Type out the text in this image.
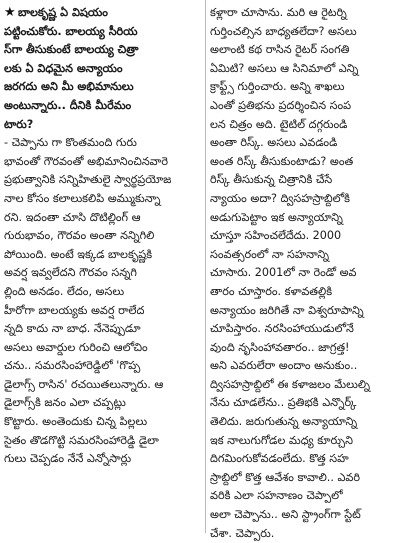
★ బాలకృష్ణ ఏ విషయం
పట్టించుకోరు. బాలయ్య సీరియ
స్‌గా తీసుకుంటే బాలయ్య చిత్రా
లకు ఏ విధమైన అన్యాయం
జరగదు అని మీ అభిమానులు
అంటున్నారు.. దీనికి మీరేమం
టారు?
- చెప్పాను గా కొంతమంది గురు
భావంతో గౌరవంతో అభిమానించినవారె
ప్రభుత్వానికి సన్నిహితులై స్వార్థప్రయోజ
నాల కోసం కలాలుకలిపి అమ్ముకున్నా
రని. ఇదంతా చూసి దొటిల్లింగ్ ఆ
గురుభావం, గౌరవం అంతా నన్నిగిలి
పోయింది. అంటే ఇక్కడ బాలకృష్ణకి
అవర్ష ఇవ్వలేదని గౌరవం సన్నగి
ల్లింది అనడం. లేదం, అసలు
హీరోగా బాలయ్యకు అవర్ష రాలేద
న్నది కాదు నా బాధ. నేనెప్పుడూ
అసలు అవార్డుల గురించి ఆలోచిం
చను.. సమరసింహారెడ్డిలో 'గొప్ప
డైలాగ్స్ రాసిన' రచయితలున్నారు. ఆ
డైలాగ్స్‌కి జనం ఎలా చప్పట్లు
కొట్టారు. అంతెందుకు చిన్న పిల్లలు
సైతం తొడగొట్టి సమరసింహారెడ్డి డైలా
గులు చెప్పడం నేనే ఎన్నోసార్లు
కళ్లారా చూసాను. మరి ఆ రైటర్ని
గుర్తించల్సిన బాధ్యతలేదా? అసలు
అలాంటి కథ రాసిన రైటర్ సంగతి
ఏమిటి? అసలు ఆ సినిమాలో ఎన్ని
క్రాఫ్ట్స్ గుర్తించారు. అన్ని శాఖలు
ఎంతో ప్రతిభను ప్రదర్శించిన సంప
లన చిత్రం అది. టైటిల్ దగ్గరుండి
అంతా రిస్క్. అసలు ఎవడండి
అంత రిస్క్ తీసుకుంటాడు? అంత
రిస్క్ తీసుకున్న చిత్రానికి చేసే
న్యాయం అదా? ద్విసహస్రాబ్దిలోకి
అడుగుపెట్టాం ఇక అన్యాయాన్ని
చూస్తూ సహించలేదేదు. 2000
సంవత్సరంలో నా సహనాన్ని
చూసారు. 2001లో నా రెండో అవ
తారం చూస్తారం. కళావతల్లికి
అన్యాయం జరిగితే నా విశ్వరూపాన్ని
చూపిస్తారం. నరసింహాయుడులోనే
వుంది నృసింహావతారం.. జాగ్రత్త!
అని ఎవరులేరా అందాం అనుకుం..
ద్విసహస్రాబ్దిలో ఈ కళాజలం మేలుల్ని
నేను చూడలేను.. ప్రతిభకి ఎన్నొర్క్
తెలిదు. జరుగుతున్న అన్యాయాన్ని
ఇక నాలుగుగోడల మధ్య కూర్చుని
దిగమింగుకోవడంలేదు. కొత్త సహ
స్రాబ్దిలో కొత్త ఆవేశం కావాలి.. ఎవరి
వరికి ఎలా సహనాణం చెప్పాలో
అలా చెప్పాను.. అని స్ట్రాంగ్‌గా స్టేట్
చేశా. చెప్పారు.
